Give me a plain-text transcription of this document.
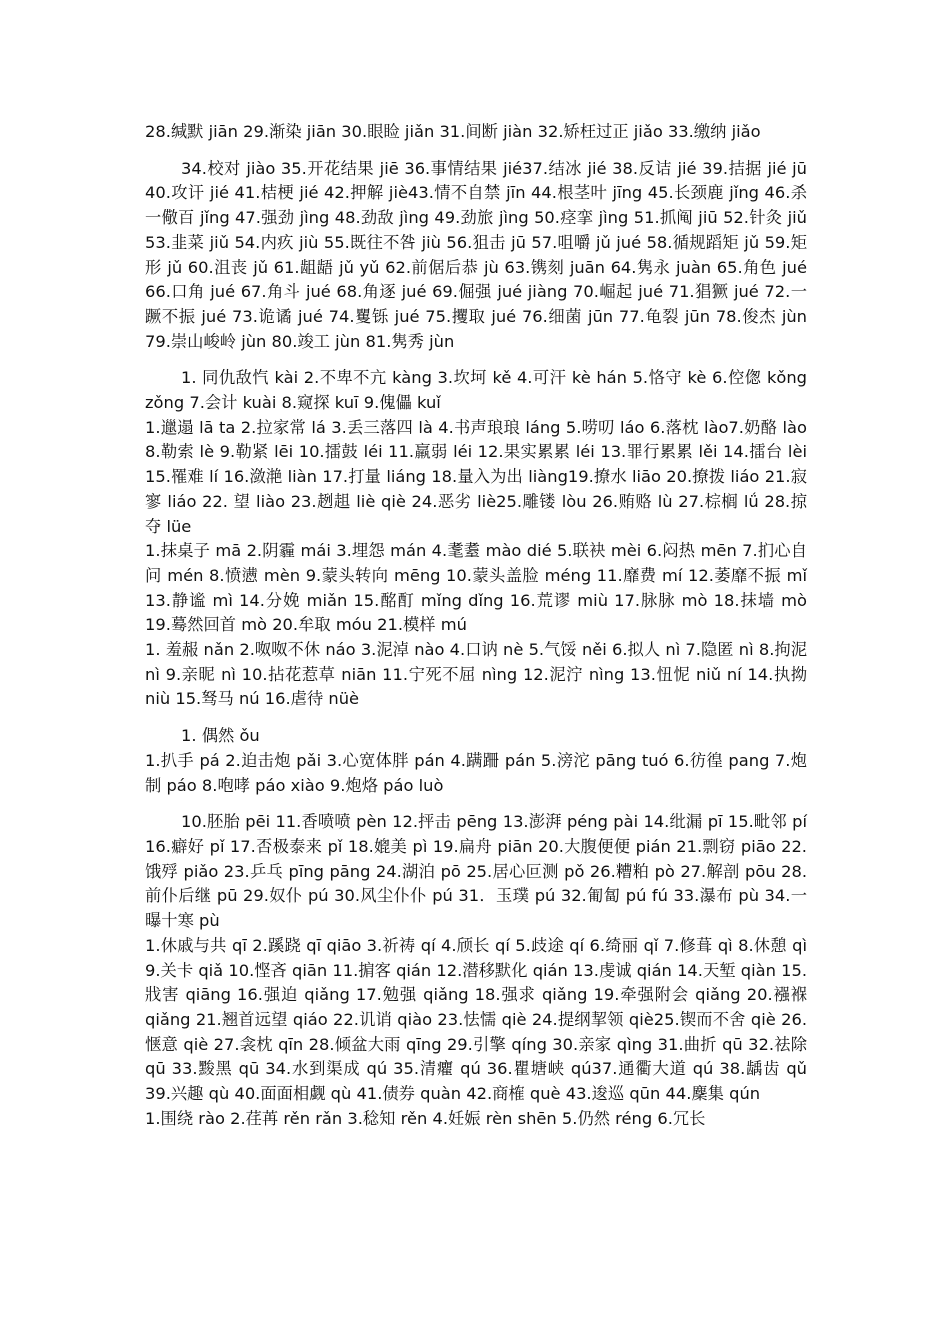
28.缄默 jiān 29.渐染 jiān 30.眼睑 jiǎn 31.间断 jiàn 32.矫枉过正 jiǎo 33.缴纳 jiǎo

34.校对 jiào 35.开花结果 jiē 36.事情结果 jié37.结冰 jié 38.反诘 jié 39.拮据 jié jū 40.攻讦 jié 41.桔梗 jié 42.押解 jiè43.情不自禁 jīn 44.根茎叶 jīng 45.长颈鹿 jǐng 46.杀一儆百 jǐng 47.强劲 jìng 48.劲敌 jìng 49.劲旅 jìng 50.痉挛 jìng 51.抓阄 jiū 52.针灸 jiǔ 53.韭菜 jiǔ 54.内疚 jiù 55.既往不咎 jiù 56.狙击 jū 57.咀嚼 jǔ jué 58.循规蹈矩 jǔ 59.矩形 jǔ 60.沮丧 jǔ 61.龃龉 jǔ yǔ 62.前倨后恭 jù 63.镌刻 juān 64.隽永 juàn 65.角色 jué 66.口角 jué 67.角斗 jué 68.角逐 jué 69.倔强 jué jiàng 70.崛起 jué 71.猖獗 jué 72.一蹶不振 jué 73.诡谲 jué 74.矍铄 jué 75.攫取 jué 76.细菌 jūn 77.龟裂 jūn 78.俊杰 jùn 79.崇山峻岭 jùn 80.竣工 jùn 81.隽秀 jùn

1. 同仇敌忾 kài 2.不卑不亢 kàng 3.坎坷 kě 4.可汗 kè hán 5.恪守 kè 6.倥偬 kǒng zǒng 7.会计 kuài 8.窥探 kuī 9.傀儡 kuǐ

1.邋遢 lā ta 2.拉家常 lá 3.丢三落四 là 4.书声琅琅 láng 5.唠叨 láo 6.落枕 lào7.奶酪 lào 8.勒索 lè 9.勒紧 lēi 10.擂鼓 léi 11.羸弱 léi 12.果实累累 léi 13.罪行累累 lěi 14.擂台 lèi 15.罹难 lí 16.潋滟 liàn 17.打量 liáng 18.量入为出 liàng19.撩水 liāo 20.撩拨 liáo 21.寂寥 liáo 22. 望 liào 23.趔趄 liè qiè 24.恶劣 liè25.雕镂 lòu 26.贿赂 lù 27.棕榈 lǘ 28.掠夺 lüe

1.抹桌子 mā 2.阴霾 mái 3.埋怨 mán 4.耄耋 mào dié 5.联袂 mèi 6.闷热 mēn 7.扪心自问 mén 8.愤懑 mèn 9.蒙头转向 mēng 10.蒙头盖脸 méng 11.靡费 mí 12.萎靡不振 mǐ 13.静谧 mì 14.分娩 miǎn 15.酩酊 mǐng dǐng 16.荒谬 miù 17.脉脉 mò 18.抹墙 mò 19.蓦然回首 mò 20.牟取 móu 21.模样 mú

1. 羞赧 nǎn 2.呶呶不休 náo 3.泥淖 nào 4.口讷 nè 5.气馁 něi 6.拟人 nì 7.隐匿 nì 8.拘泥 nì 9.亲昵 nì 10.拈花惹草 niān 11.宁死不屈 nìng 12.泥泞 nìng 13.忸怩 niǔ ní 14.执拗 niù 15.驽马 nú 16.虐待 nüè

1. 偶然 ǒu

1.扒手 pá 2.迫击炮 pǎi 3.心宽体胖 pán 4.蹒跚 pán 5.滂沱 pāng tuó 6.彷徨 pang 7.炮制 páo 8.咆哮 páo xiào 9.炮烙 páo luò

10.胚胎 pēi 11.香喷喷 pèn 12.抨击 pēng 13.澎湃 péng pài 14.纰漏 pī 15.毗邻 pí 16.癖好 pǐ 17.否极泰来 pǐ 18.媲美 pì 19.扁舟 piān 20.大腹便便 pián 21.剽窃 piāo 22.饿殍 piǎo 23.乒乓 pīng pāng 24.湖泊 pō 25.居心叵测 pǒ 26.糟粕 pò 27.解剖 pōu 28.前仆后继 pū 29.奴仆 pú 30.风尘仆仆 pú 31．玉璞 pú 32.匍匐 pú fú 33.瀑布 pù 34.一曝十寒 pù

1.休戚与共 qī 2.蹊跷 qī qiāo 3.祈祷 qí 4.颀长 qí 5.歧途 qí 6.绮丽 qǐ 7.修葺 qì 8.休憩 qì 9.关卡 qiǎ 10.悭吝 qiān 11.掮客 qián 12.潜移默化 qián 13.虔诚 qián 14.天堑 qiàn 15.戕害 qiāng 16.强迫 qiǎng 17.勉强 qiǎng 18.强求 qiǎng 19.牵强附会 qiǎng 20.襁褓 qiǎng 21.翘首远望 qiáo 22.讥诮 qiào 23.怯懦 qiè 24.提纲挈领 qiè25.锲而不舍 qiè 26.惬意 qiè 27.衾枕 qīn 28.倾盆大雨 qīng 29.引擎 qíng 30.亲家 qìng 31.曲折 qū 32.祛除 qū 33.黢黑 qū 34.水到渠成 qú 35.清癯 qú 36.瞿塘峡 qú37.通衢大道 qú 38.龋齿 qǔ 39.兴趣 qù 40.面面相觑 qù 41.债券 quàn 42.商榷 què 43.逡巡 qūn 44.麇集 qún

1.围绕 rào 2.荏苒 rěn rǎn 3.稔知 rěn 4.妊娠 rèn shēn 5.仍然 réng 6.冗长
